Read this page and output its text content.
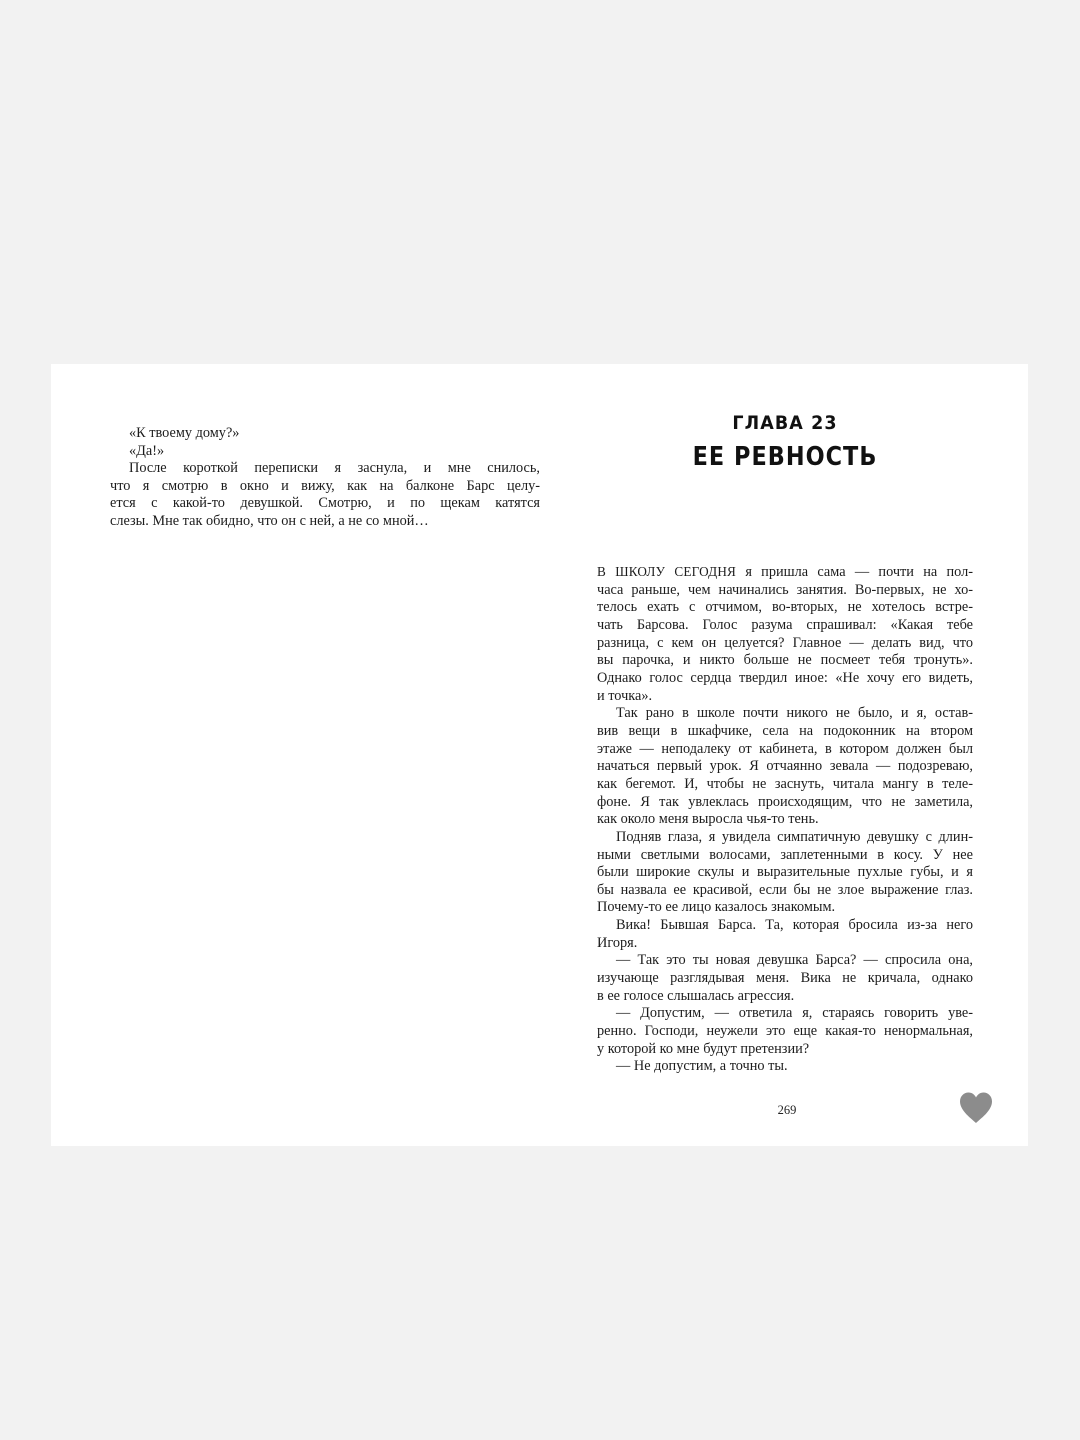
«К твоему дому?»

«Да!»

После короткой переписки я заснула, и мне снилось,
что я смотрю в окно и вижу, как на балконе Барс целу-
ется с какой-то девушкой. Смотрю, и по щекам катятся
слезы. Мне так обидно, что он с ней, а не со мной…

ГЛАВА 23
ЕЕ РЕВНОСТЬ

В ШКОЛУ СЕГОДНЯ я пришла сама — почти на пол-
часа раньше, чем начинались занятия. Во-первых, не хо-
телось ехать с отчимом, во-вторых, не хотелось встре-
чать Барсова. Голос разума спрашивал: «Какая тебе
разница, с кем он целуется? Главное — делать вид, что
вы парочка, и никто больше не посмеет тебя тронуть».
Однако голос сердца твердил иное: «Не хочу его видеть,
и точка».

Так рано в школе почти никого не было, и я, остав-
вив вещи в шкафчике, села на подоконник на втором
этаже — неподалеку от кабинета, в котором должен был
начаться первый урок. Я отчаянно зевала — подозреваю,
как бегемот. И, чтобы не заснуть, читала мангу в теле-
фоне. Я так увлеклась происходящим, что не заметила,
как около меня выросла чья-то тень.

Подняв глаза, я увидела симпатичную девушку с длин-
ными светлыми волосами, заплетенными в косу. У нее
были широкие скулы и выразительные пухлые губы, и я
бы назвала ее красивой, если бы не злое выражение глаз.
Почему-то ее лицо казалось знакомым.

Вика! Бывшая Барса. Та, которая бросила из-за него
Игоря.

— Так это ты новая девушка Барса? — спросила она,
изучающе разглядывая меня. Вика не кричала, однако
в ее голосе слышалась агрессия.

— Допустим, — ответила я, стараясь говорить уве-
ренно. Господи, неужели это еще какая-то ненормальная,
у которой ко мне будут претензии?

— Не допустим, а точно ты.

269
